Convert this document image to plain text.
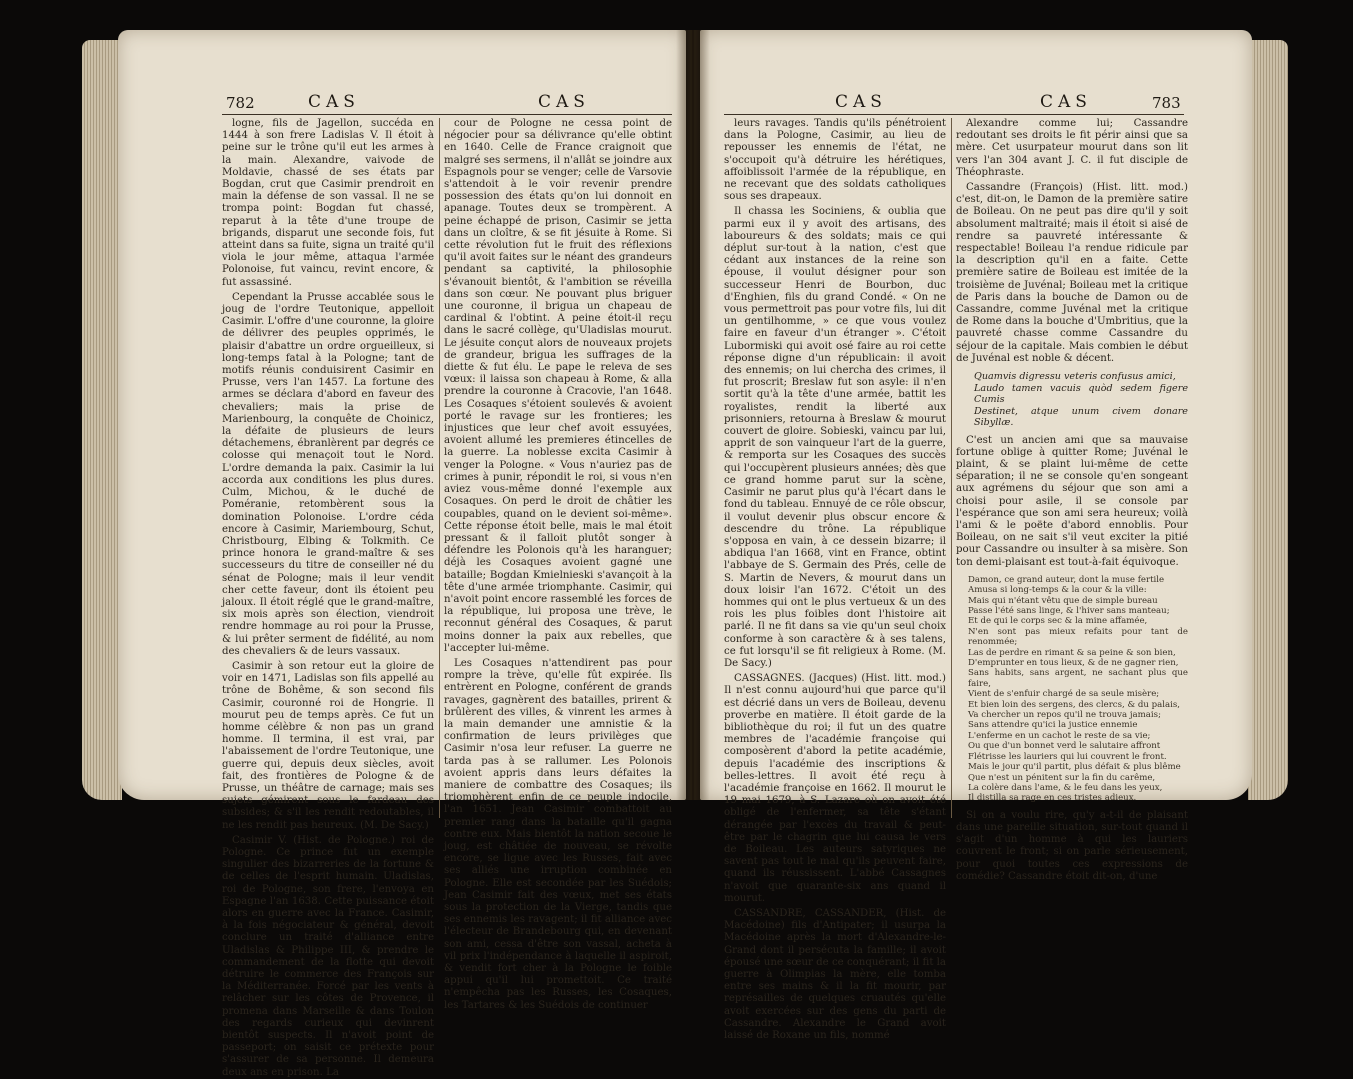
782	CAS	CAS

logne, fils de Jagellon, succéda en 1444 à son frere Ladislas V. Il étoit à peine sur le trône qu'il eut les armes à la main. Alexandre, vaivode de Moldavie, chassé de ses états par Bogdan, crut que Casimir prendroit en main la défense de son vassal. Il ne se trompa point: Bogdan fut chassé, reparut à la tête d'une troupe de brigands, disparut une seconde fois, fut atteint dans sa fuite, signa un traité qu'il viola le jour même, attaqua l'armée Polonoise, fut vaincu, revint encore, & fut assassiné.

Cependant la Prusse accablée sous le joug de l'ordre Teutonique, appelloit Casimir. L'offre d'une couronne, la gloire de délivrer des peuples opprimés, le plaisir d'abattre un ordre orgueilleux, si long-temps fatal à la Pologne; tant de motifs réunis conduisirent Casimir en Prusse, vers l'an 1457. La fortune des armes se déclara d'abord en faveur des chevaliers; mais la prise de Marienbourg, la conquête de Choinicz, la défaite de plusieurs de leurs détachemens, ébranlèrent par degrés ce colosse qui menaçoit tout le Nord. L'ordre demanda la paix. Casimir la lui accorda aux conditions les plus dures. Culm, Michou, & le duché de Poméranie, retombèrent sous la domination Polonoise. L'ordre céda encore à Casimir, Mariembourg, Schut, Christbourg, Elbing & Tolkmith. Ce prince honora le grand-maître & ses successeurs du titre de conseiller né du sénat de Pologne; mais il leur vendit cher cette faveur, dont ils étoient peu jaloux. Il étoit réglé que le grand-maître, six mois après son élection, viendroit rendre hommage au roi pour la Prusse, & lui prêter serment de fidélité, au nom des chevaliers & de leurs vassaux.

Casimir à son retour eut la gloire de voir en 1471, Ladislas son fils appellé au trône de Bohême, & son second fils Casimir, couronné roi de Hongrie. Il mourut peu de temps après. Ce fut un homme célèbre & non pas un grand homme. Il termina, il est vrai, par l'abaissement de l'ordre Teutonique, une guerre qui, depuis deux siècles, avoit fait, des frontières de Pologne & de Prusse, un théâtre de carnage; mais ses sujets gémirent sous le fardeau des subsides; & s'il les rendit redoutables, il ne les rendit pas heureux. (M. De Sacy.)

Casimir V. (Hist. de Pologne.) roi de Pologne. Ce prince fut un exemple singulier des bizarreries de la fortune & de celles de l'esprit humain. Uladislas, roi de Pologne, son frere, l'envoya en Espagne l'an 1638. Cette puissance étoit alors en guerre avec la France. Casimir, à la fois négociateur & général, devoit conclure un traité d'alliance entre Uladislas & Philippe III, & prendre le commandement de la flotte qui devoit détruire le commerce des François sur la Méditerranée. Forcé par les vents à relâcher sur les côtes de Provence, il promena dans Marseille & dans Toulon des regards curieux qui devinrent bientôt suspects. Il n'avoit point de passeport; on saisit ce prétexte pour s'assurer de sa personne. Il demeura deux ans en prison. La

cour de Pologne ne cessa point de négocier pour sa délivrance qu'elle obtint en 1640. Celle de France craignoit que malgré ses sermens, il n'allât se joindre aux Espagnols pour se venger; celle de Varsovie s'attendoit à le voir revenir prendre possession des états qu'on lui donnoit en apanage. Toutes deux se trompèrent. A peine échappé de prison, Casimir se jetta dans un cloître, & se fit jésuite à Rome. Si cette révolution fut le fruit des réflexions qu'il avoit faites sur le néant des grandeurs pendant sa captivité, la philosophie s'évanouit bientôt, & l'ambition se réveilla dans son cœur. Ne pouvant plus briguer une couronne, il brigua un chapeau de cardinal & l'obtint. A peine étoit-il reçu dans le sacré collège, qu'Uladislas mourut. Le jésuite conçut alors de nouveaux projets de grandeur, brigua les suffrages de la diette & fut élu. Le pape le releva de ses vœux: il laissa son chapeau à Rome, & alla prendre la couronne à Cracovie, l'an 1648. Les Cosaques s'étoient soulevés & avoient porté le ravage sur les frontieres; les injustices que leur chef avoit essuyées, avoient allumé les premieres étincelles de la guerre. La noblesse excita Casimir à venger la Pologne. « Vous n'auriez pas de crimes à punir, répondit le roi, si vous n'en aviez vous-même donné l'exemple aux Cosaques. On perd le droit de châtier les coupables, quand on le devient soi-même». Cette réponse étoit belle, mais le mal étoit pressant & il falloit plutôt songer à défendre les Polonois qu'à les haranguer; déjà les Cosaques avoient gagné une bataille; Bogdan Kmielnieski s'avançoit à la tête d'une armée triomphante. Casimir, qui n'avoit point encore rassemblé les forces de la république, lui proposa une trève, le reconnut général des Cosaques, & parut moins donner la paix aux rebelles, que l'accepter lui-même.

Les Cosaques n'attendirent pas pour rompre la trève, qu'elle fût expirée. Ils entrèrent en Pologne, conférent de grands ravages, gagnèrent des batailles, prirent & brûlèrent des villes, & vinrent les armes à la main demander une amnistie & la confirmation de leurs privilèges que Casimir n'osa leur refuser. La guerre ne tarda pas à se rallumer. Les Polonois avoient appris dans leurs défaites la maniere de combattre des Cosaques; ils triomphèrent enfin de ce peuple indocile, l'an 1651. Jean Casimir combattoit au premier rang dans la bataille qu'il gagna contre eux. Mais bientôt la nation secoue le joug, est châtiée de nouveau, se révolte encore, se ligue avec les Russes, fait avec ses alliés une irruption combinée en Pologne. Elle est secondée par les Suédois; Jean Casimir fait des vœux, met ses états sous la protection de la Vierge, tandis que ses ennemis les ravagent; il fit alliance avec l'électeur de Brandebourg qui, en devenant son ami, cessa d'être son vassal, acheta à vil prix l'indépendance à laquelle il aspiroit, & vendit fort cher à la Pologne le foible appui qu'il lui promettoit. Ce traité n'empêcha pas les Russes, les Cosaques, les Tartares & les Suédois de continuer

CAS	CAS	783

leurs ravages. Tandis qu'ils pénétroient dans la Pologne, Casimir, au lieu de repousser les ennemis de l'état, ne s'occupoit qu'à détruire les hérétiques, affoiblissoit l'armée de la république, en ne recevant que des soldats catholiques sous ses drapeaux.

Il chassa les Sociniens, & oublia que parmi eux il y avoit des artisans, des laboureurs & des soldats; mais ce qui déplut sur-tout à la nation, c'est que cédant aux instances de la reine son épouse, il voulut désigner pour son successeur Henri de Bourbon, duc d'Enghien, fils du grand Condé. « On ne vous permettroit pas pour votre fils, lui dit un gentilhomme, » ce que vous voulez faire en faveur d'un étranger ». C'étoit Lubormiski qui avoit osé faire au roi cette réponse digne d'un républicain: il avoit des ennemis; on lui chercha des crimes, il fut proscrit; Breslaw fut son asyle: il n'en sortit qu'à la tête d'une armée, battit les royalistes, rendit la liberté aux prisonniers, retourna à Breslaw & mourut couvert de gloire. Sobieski, vaincu par lui, apprit de son vainqueur l'art de la guerre, & remporta sur les Cosaques des succès qui l'occupèrent plusieurs années; dès que ce grand homme parut sur la scène, Casimir ne parut plus qu'à l'écart dans le fond du tableau. Ennuyé de ce rôle obscur, il voulut devenir plus obscur encore & descendre du trône. La république s'opposa en vain, à ce dessein bizarre; il abdiqua l'an 1668, vint en France, obtint l'abbaye de S. Germain des Prés, celle de S. Martin de Nevers, & mourut dans un doux loisir l'an 1672. C'étoit un des hommes qui ont le plus vertueux & un des rois les plus foibles dont l'histoire ait parlé. Il ne fit dans sa vie qu'un seul choix conforme à son caractère & à ses talens, ce fut lorsqu'il se fit religieux à Rome. (M. De Sacy.)

CASSAGNES. (Jacques) (Hist. litt. mod.) Il n'est connu aujourd'hui que parce qu'il est décrié dans un vers de Boileau, devenu proverbe en matière. Il étoit garde de la bibliothèque du roi; il fut un des quatre membres de l'académie françoise qui composèrent d'abord la petite académie, depuis l'académie des inscriptions & belles-lettres. Il avoit été reçu à l'académie françoise en 1662. Il mourut le 19 mai 1679, à S. Lazare où on avoit été obligé de l'enfermer, sa tête s'étant dérangée par l'excès du travail & peut-être par le chagrin que lui causa le vers de Boileau. Les auteurs satyriques ne savent pas tout le mal qu'ils peuvent faire, quand ils réussissent. L'abbé Cassagnes n'avoit que quarante-six ans quand il mourut.

CASSANDRE, CASSANDER, (Hist. de Macédoine) fils d'Antipater; il usurpa la Macédoine après la mort d'Alexandre-le-Grand dont il persécuta la famille; il avoit épousé une sœur de ce conquérant; il fit la guerre à Olimpias la mère, elle tomba entre ses mains & il la fit mourir, par représailles de quelques cruautés qu'elle avoit exercées sur des gens du parti de Cassandre. Alexandre le Grand avoit laissé de Roxane un fils, nommé

Alexandre comme lui; Cassandre redoutant ses droits le fit périr ainsi que sa mère. Cet usurpateur mourut dans son lit vers l'an 304 avant J. C. il fut disciple de Théophraste.

Cassandre (François) (Hist. litt. mod.) c'est, dit-on, le Damon de la première satire de Boileau. On ne peut pas dire qu'il y soit absolument maltraité; mais il étoit si aisé de rendre sa pauvreté intéressante & respectable! Boileau l'a rendue ridicule par la description qu'il en a faite. Cette première satire de Boileau est imitée de la troisième de Juvénal; Boileau met la critique de Paris dans la bouche de Damon ou de Cassandre, comme Juvénal met la critique de Rome dans la bouche d'Umbritius, que la pauvreté chasse comme Cassandre du séjour de la capitale. Mais combien le début de Juvénal est noble & décent.

Quamvis digressu veteris confusus amici,
Laudo tamen vacuis quòd sedem figere Cumis
Destinet, atque unum civem donare Sibyllæ.

C'est un ancien ami que sa mauvaise fortune oblige à quitter Rome; Juvénal le plaint, & se plaint lui-même de cette séparation; il ne se console qu'en songeant aux agrémens du séjour que son ami a choisi pour asile, il se console par l'espérance que son ami sera heureux; voilà l'ami & le poëte d'abord ennoblis. Pour Boileau, on ne sait s'il veut exciter la pitié pour Cassandre ou insulter à sa misère. Son ton demi-plaisant est tout-à-fait équivoque.

Damon, ce grand auteur, dont la muse fertile
Amusa si long-temps & la cour & la ville:
Mais qui n'étant vêtu que de simple bureau
Passe l'été sans linge, & l'hiver sans manteau;
Et de qui le corps sec & la mine affamée,
N'en sont pas mieux refaits pour tant de renommée;
Las de perdre en rimant & sa peine & son bien,
D'emprunter en tous lieux, & de ne gagner rien,
Sans habits, sans argent, ne sachant plus que faire,
Vient de s'enfuir chargé de sa seule misère;
Et bien loin des sergens, des clercs, & du palais,
Va chercher un repos qu'il ne trouva jamais;
Sans attendre qu'ici la justice ennemie
L'enferme en un cachot le reste de sa vie;
Ou que d'un bonnet verd le salutaire affront
Flétrisse les lauriers qui lui couvrent le front.
Mais le jour qu'il partit, plus défait & plus blême
Que n'est un pénitent sur la fin du carême,
La colère dans l'ame, & le feu dans les yeux,
Il distilla sa rage en ces tristes adieux.

Si on a voulu rire, qu'y a-t-il de plaisant dans une pareille situation, sur-tout quand il s'agit d'un homme à qui les lauriers couvrent le front; si on parle sérieusement, pour quoi toutes ces expressions de comédie? Cassandre étoit dit-on, d'une
